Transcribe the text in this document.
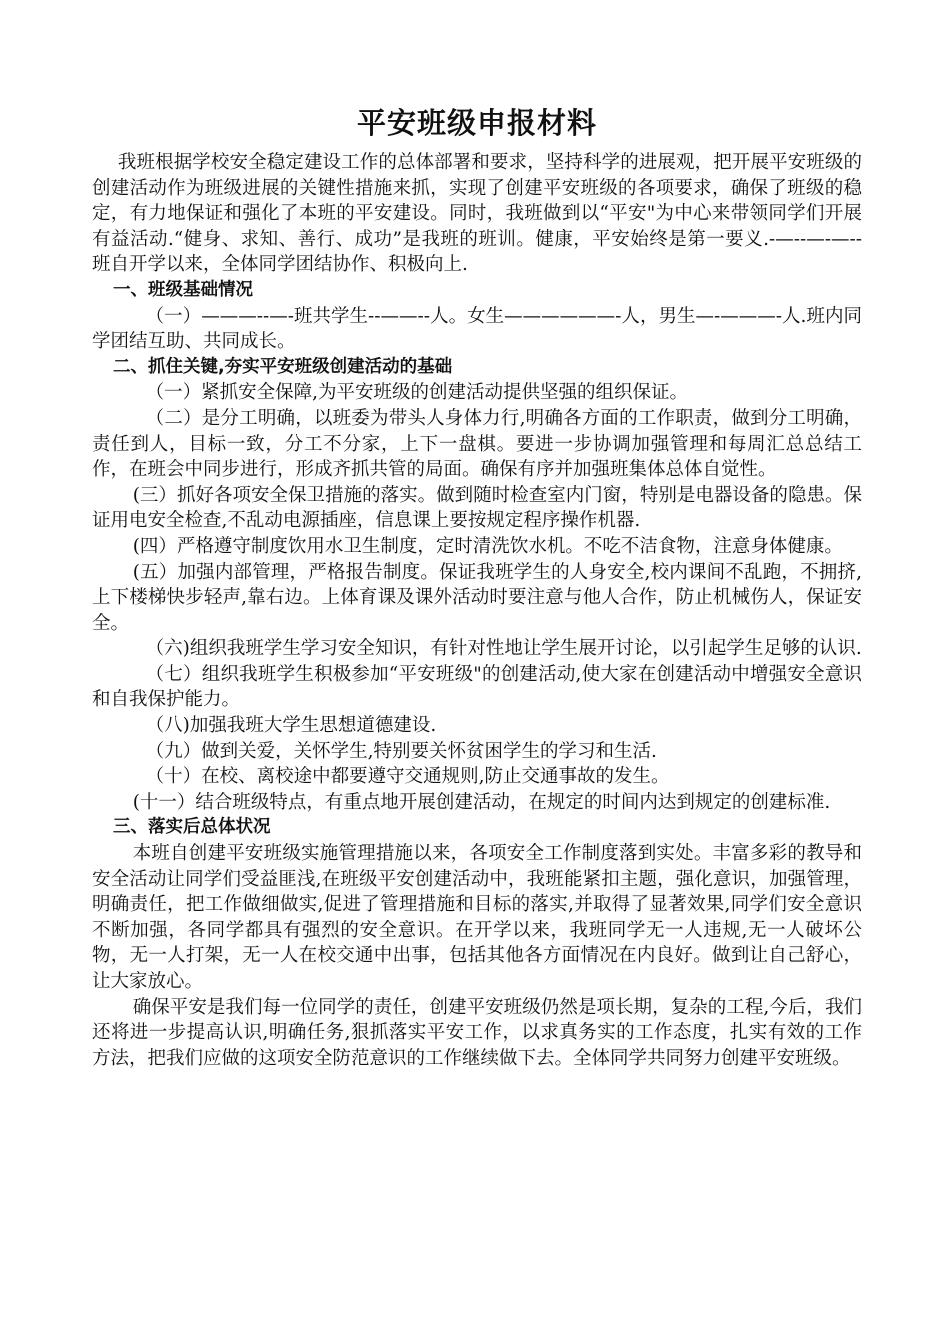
平安班级申报材料

我班根据学校安全稳定建设工作的总体部署和要求，坚持科学的进展观，把开展平安班级的创建活动作为班级进展的关键性措施来抓，实现了创建平安班级的各项要求，确保了班级的稳定，有力地保证和强化了本班的平安建设。同时，我班做到以“平安"为中心来带领同学们开展有益活动.“健身、求知、善行、成功”是我班的班训。健康，平安始终是第一要义.-—--—-—--班自开学以来，全体同学团结协作、积极向上.

一、班级基础情况

（一）———--—-班共学生--——--人。女生——————-人，男生—-———-人.班内同学团结互助、共同成长。

二、抓住关键,夯实平安班级创建活动的基础

（一）紧抓安全保障,为平安班级的创建活动提供坚强的组织保证。

（二）是分工明确，以班委为带头人身体力行,明确各方面的工作职责，做到分工明确，责任到人，目标一致，分工不分家，上下一盘棋。要进一步协调加强管理和每周汇总总结工作，在班会中同步进行，形成齐抓共管的局面。确保有序并加强班集体总体自觉性。

(三）抓好各项安全保卫措施的落实。做到随时检查室内门窗，特别是电器设备的隐患。保证用电安全检查,不乱动电源插座，信息课上要按规定程序操作机器.

(四）严格遵守制度饮用水卫生制度，定时清洗饮水机。不吃不洁食物，注意身体健康。

(五）加强内部管理，严格报告制度。保证我班学生的人身安全,校内课间不乱跑，不拥挤,上下楼梯快步轻声,靠右边。上体育课及课外活动时要注意与他人合作，防止机械伤人，保证安全。

（六)组织我班学生学习安全知识，有针对性地让学生展开讨论，以引起学生足够的认识.

（七）组织我班学生积极参加“平安班级"的创建活动,使大家在创建活动中增强安全意识和自我保护能力。

（八)加强我班大学生思想道德建设.

（九）做到关爱，关怀学生,特别要关怀贫困学生的学习和生活.

（十）在校、离校途中都要遵守交通规则,防止交通事故的发生。

(十一）结合班级特点，有重点地开展创建活动，在规定的时间内达到规定的创建标准.

三、落实后总体状况

本班自创建平安班级实施管理措施以来，各项安全工作制度落到实处。丰富多彩的教导和安全活动让同学们受益匪浅,在班级平安创建活动中，我班能紧扣主题，强化意识，加强管理，明确责任，把工作做细做实,促进了管理措施和目标的落实,并取得了显著效果,同学们安全意识不断加强，各同学都具有强烈的安全意识。在开学以来，我班同学无一人违规,无一人破坏公物，无一人打架，无一人在校交通中出事，包括其他各方面情况在内良好。做到让自己舒心，让大家放心。

确保平安是我们每一位同学的责任，创建平安班级仍然是项长期，复杂的工程,今后，我们还将进一步提高认识,明确任务,狠抓落实平安工作，以求真务实的工作态度，扎实有效的工作方法，把我们应做的这项安全防范意识的工作继续做下去。全体同学共同努力创建平安班级。
